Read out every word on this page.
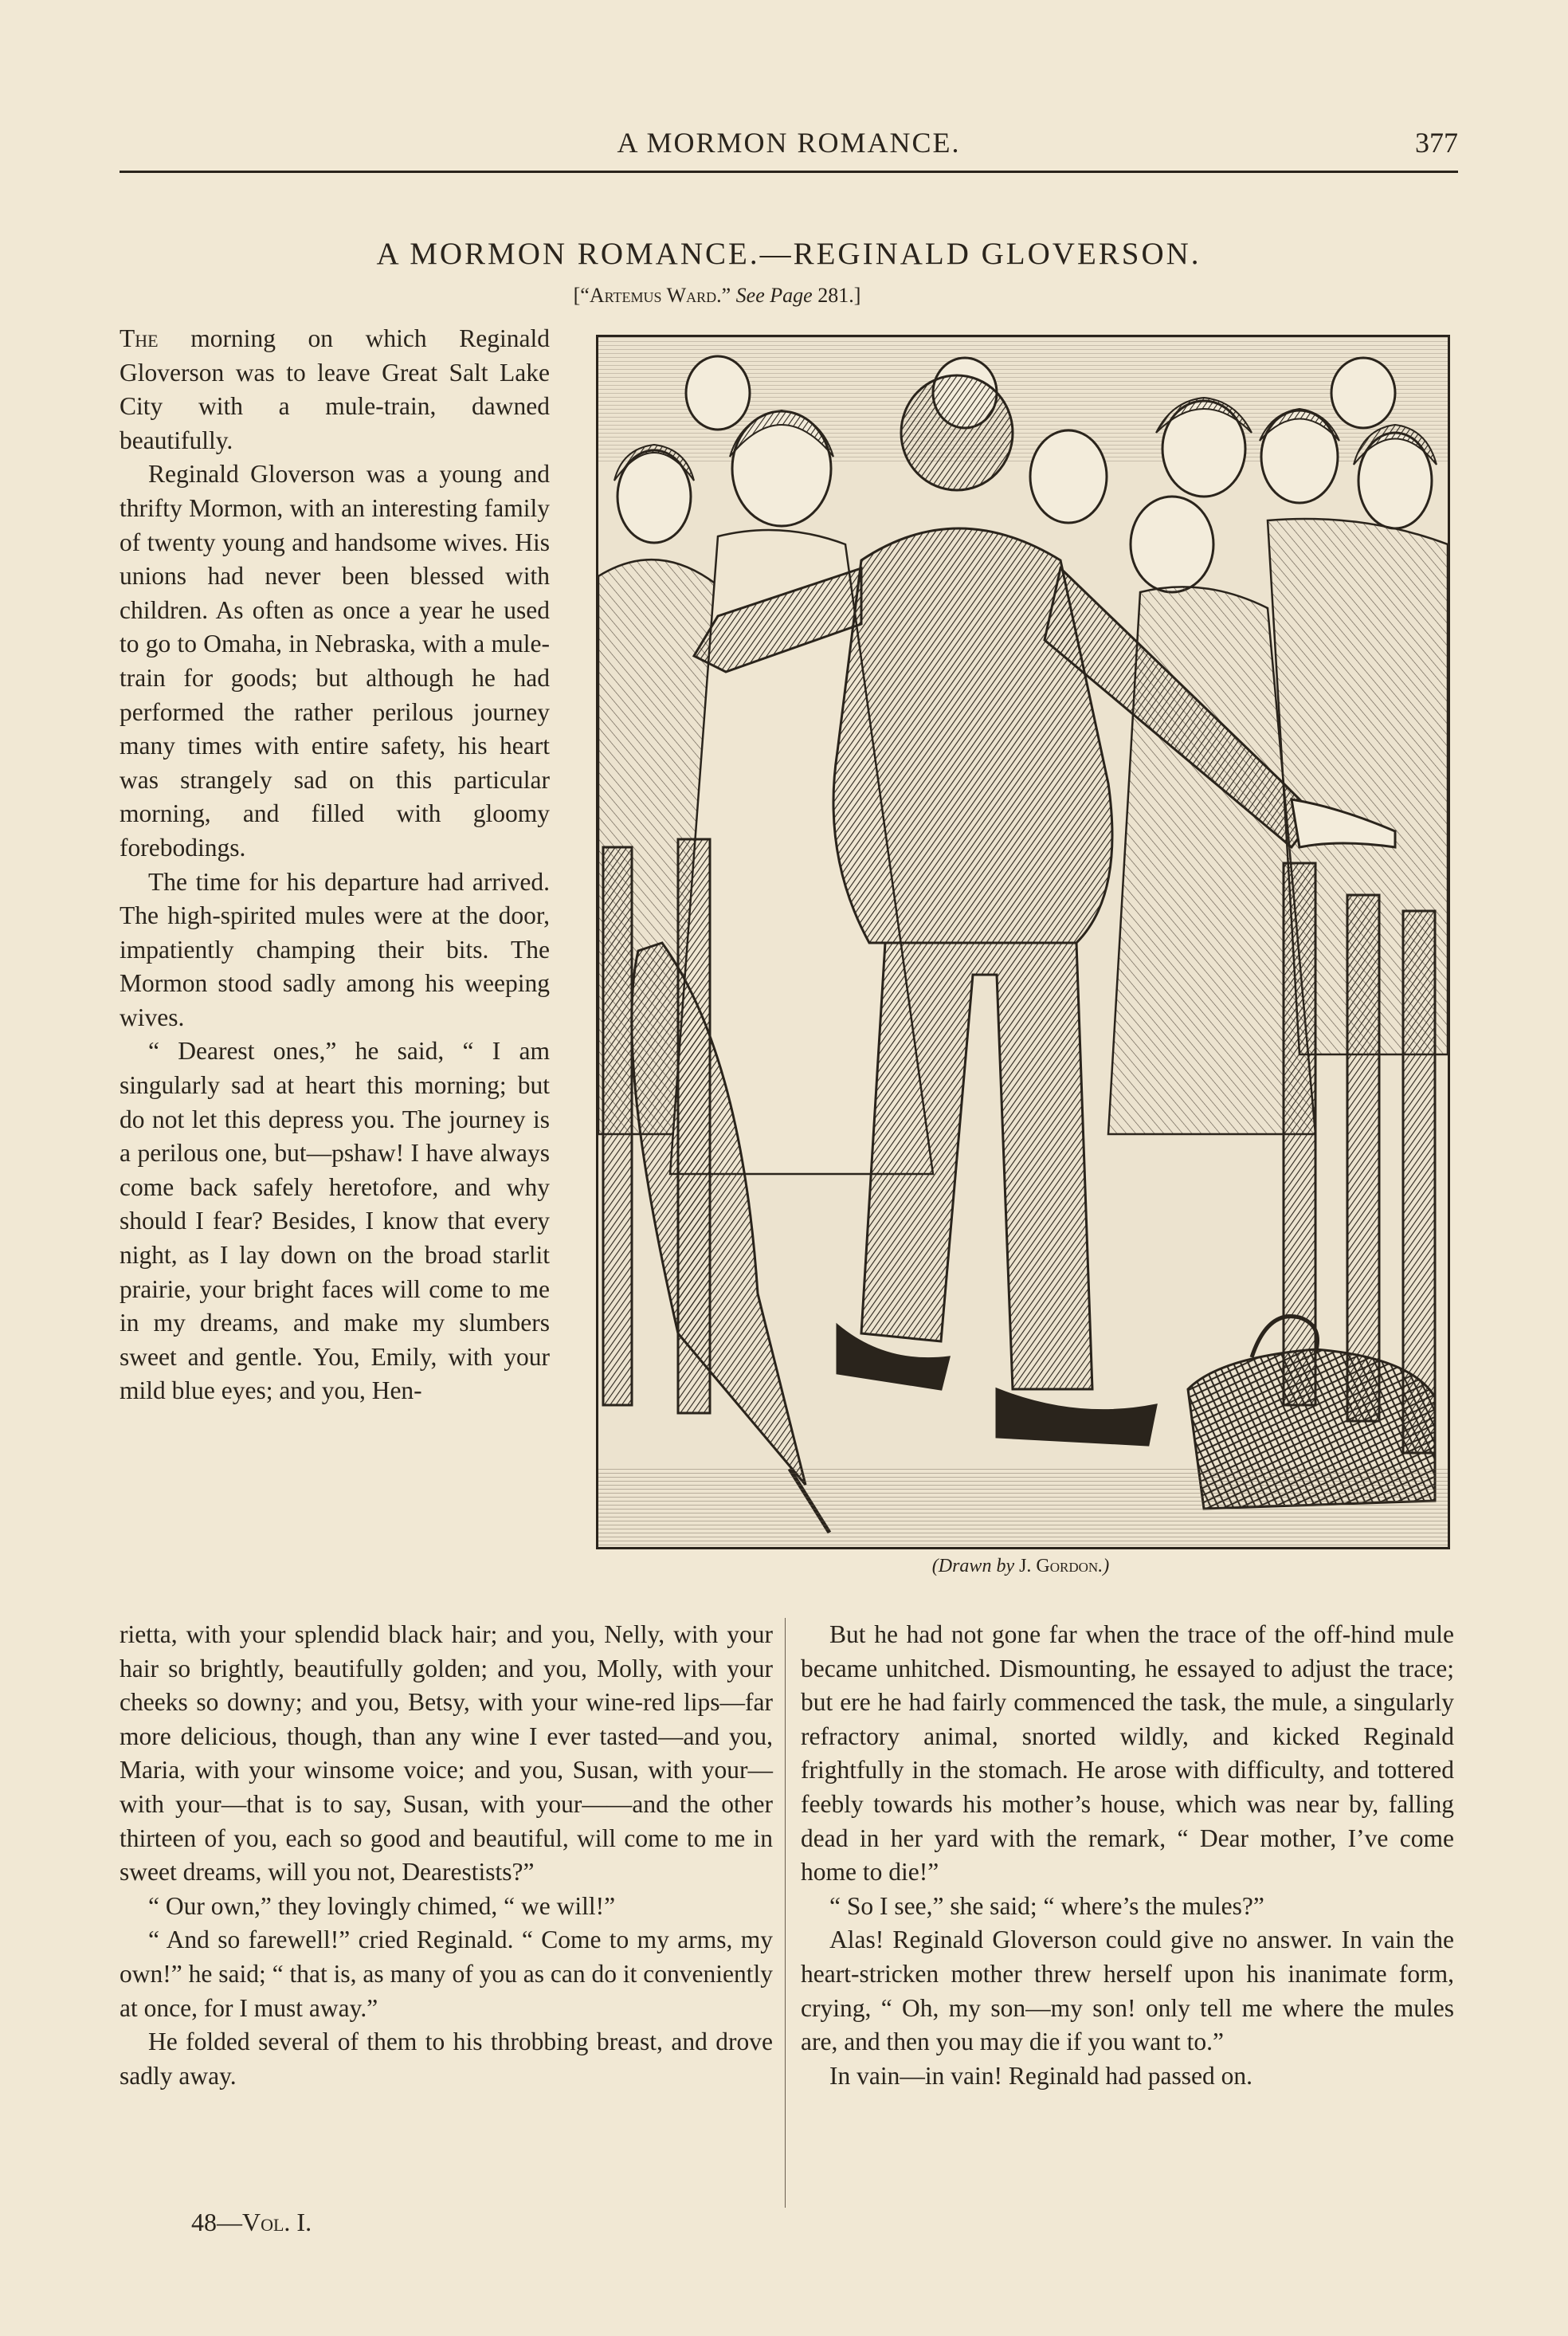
A MORMON ROMANCE.	377
A MORMON ROMANCE.—REGINALD GLOVERSON.
[“Artemus Ward.” See Page 281.]

The morning on which Reginald Gloverson was to leave Great Salt Lake City with a mule-train, dawned beautifully.

Reginald Gloverson was a young and thrifty Mormon, with an interesting family of twenty young and handsome wives. His unions had never been blessed with children. As often as once a year he used to go to Omaha, in Nebraska, with a mule-train for goods; but although he had performed the rather perilous journey many times with entire safety, his heart was strangely sad on this particular morning, and filled with gloomy forebodings.

The time for his departure had arrived. The high-spirited mules were at the door, impatiently champing their bits. The Mormon stood sadly among his weeping wives.

“ Dearest ones,” he said, “ I am singularly sad at heart this morning; but do not let this depress you. The journey is a perilous one, but—pshaw! I have always come back safely heretofore, and why should I fear? Besides, I know that every night, as I lay down on the broad starlit prairie, your bright faces will come to me in my dreams, and make my slumbers sweet and gentle. You, Emily, with your mild blue eyes; and you, Hen-

(Drawn by J. Gordon.)

rietta, with your splendid black hair; and you, Nelly, with your hair so brightly, beautifully golden; and you, Molly, with your cheeks so downy; and you, Betsy, with your wine-red lips—far more delicious, though, than any wine I ever tasted—and you, Maria, with your winsome voice; and you, Susan, with your—with your—that is to say, Susan, with your——and the other thirteen of you, each so good and beautiful, will come to me in sweet dreams, will you not, Dearestists?”

“ Our own,” they lovingly chimed, “ we will!”

“ And so farewell!” cried Reginald. “ Come to my arms, my own!” he said; “ that is, as many of you as can do it conveniently at once, for I must away.”

He folded several of them to his throbbing breast, and drove sadly away.

But he had not gone far when the trace of the off-hind mule became unhitched. Dismounting, he essayed to adjust the trace; but ere he had fairly commenced the task, the mule, a singularly refractory animal, snorted wildly, and kicked Reginald frightfully in the stomach. He arose with difficulty, and tottered feebly towards his mother’s house, which was near by, falling dead in her yard with the remark, “ Dear mother, I’ve come home to die!”

“ So I see,” she said; “ where’s the mules?”

Alas! Reginald Gloverson could give no answer. In vain the heart-stricken mother threw herself upon his inanimate form, crying, “ Oh, my son—my son! only tell me where the mules are, and then you may die if you want to.”

In vain—in vain! Reginald had passed on.

48—Vol. I.
